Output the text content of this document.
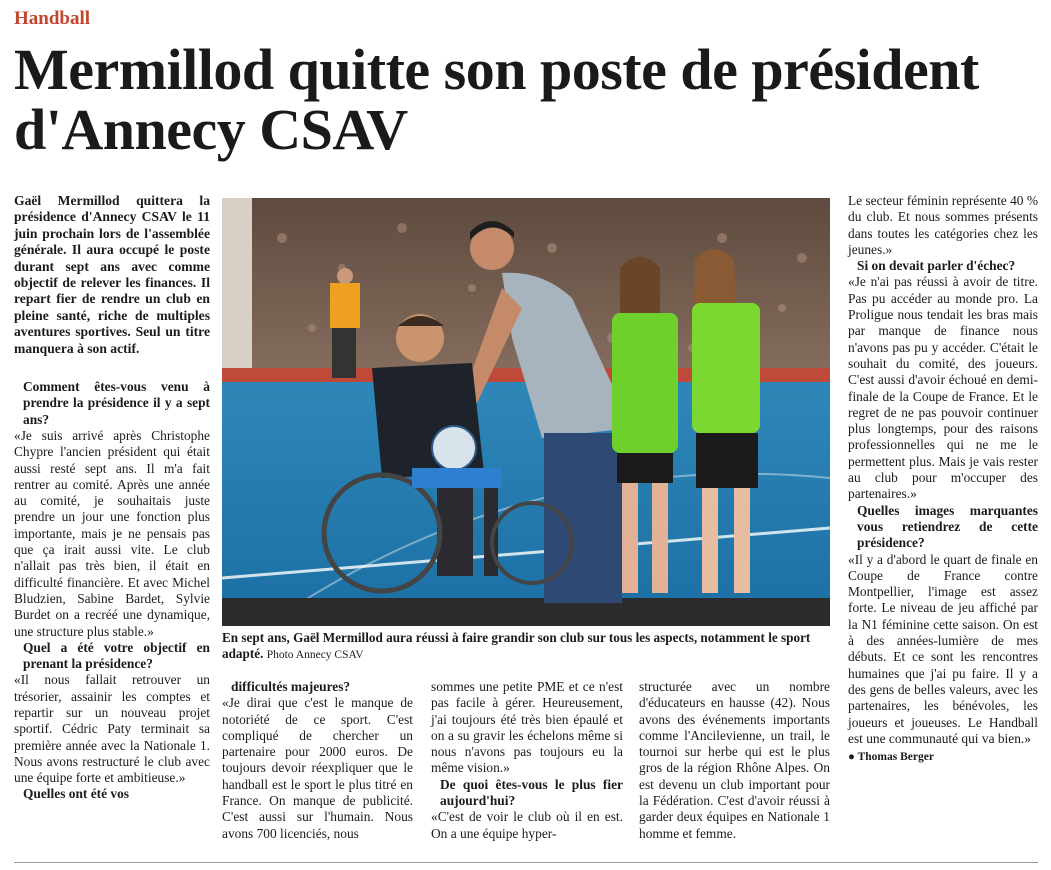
Handball
Mermillod quitte son poste de président d'Annecy CSAV

Gaël Mermillod quittera la présidence d'Annecy CSAV le 11 juin prochain lors de l'assemblée générale. Il aura occupé le poste durant sept ans avec comme objectif de relever les finances. Il repart fier de rendre un club en pleine santé, riche de multiples aventures sportives. Seul un titre manquera à son actif.

Comment êtes-vous venu à prendre la présidence il y a sept ans?

«Je suis arrivé après Christophe Chypre l'ancien président qui était aussi resté sept ans. Il m'a fait rentrer au comité. Après une année au comité, je souhaitais juste prendre un jour une fonction plus importante, mais je ne pensais pas que ça irait aussi vite. Le club n'allait pas très bien, il était en difficulté financière. Et avec Michel Bludzien, Sabine Bardet, Sylvie Burdet on a recréé une dynamique, une structure plus stable.»

Quel a été votre objectif en prenant la présidence?

«Il nous fallait retrouver un trésorier, assainir les comptes et repartir sur un nouveau projet sportif. Cédric Paty terminait sa première année avec la Nationale 1. Nous avons restructuré le club avec une équipe forte et ambitieuse.»

Quelles ont été vos

En sept ans, Gaël Mermillod aura réussi à faire grandir son club sur tous les aspects, notamment le sport adapté. Photo Annecy CSAV

difficultés majeures?

«Je dirai que c'est le manque de notoriété de ce sport. C'est compliqué de chercher un partenaire pour 2000 euros. De toujours devoir réexpliquer que le handball est le sport le plus titré en France. On manque de publicité. C'est aussi sur l'humain. Nous avons 700 licenciés, nous

sommes une petite PME et ce n'est pas facile à gérer. Heureusement, j'ai toujours été très bien épaulé et on a su gravir les échelons même si nous n'avons pas toujours eu la même vision.»

De quoi êtes-vous le plus fier aujourd'hui?

«C'est de voir le club où il en est. On a une équipe hyper-

structurée avec un nombre d'éducateurs en hausse (42). Nous avons des événements importants comme l'Ancilevienne, un trail, le tournoi sur herbe qui est le plus gros de la région Rhône Alpes. On est devenu un club important pour la Fédération. C'est d'avoir réussi à garder deux équipes en Nationale 1 homme et femme.

Le secteur féminin représente 40 % du club. Et nous sommes présents dans toutes les catégories chez les jeunes.»

Si on devait parler d'échec?

«Je n'ai pas réussi à avoir de titre. Pas pu accéder au monde pro. La Proligue nous tendait les bras mais par manque de finance nous n'avons pas pu y accéder. C'était le souhait du comité, des joueurs. C'est aussi d'avoir échoué en demi-finale de la Coupe de France. Et le regret de ne pas pouvoir continuer plus longtemps, pour des raisons professionnelles qui ne me le permettent plus. Mais je vais rester au club pour m'occuper des partenaires.»

Quelles images marquantes vous retiendrez de cette présidence?

«Il y a d'abord le quart de finale en Coupe de France contre Montpellier, l'image est assez forte. Le niveau de jeu affiché par la N1 féminine cette saison. On est à des années-lumière de mes débuts. Et ce sont les rencontres humaines que j'ai pu faire. Il y a des gens de belles valeurs, avec les partenaires, les bénévoles, les joueurs et joueuses. Le Handball est une communauté qui va bien.»

● Thomas Berger
